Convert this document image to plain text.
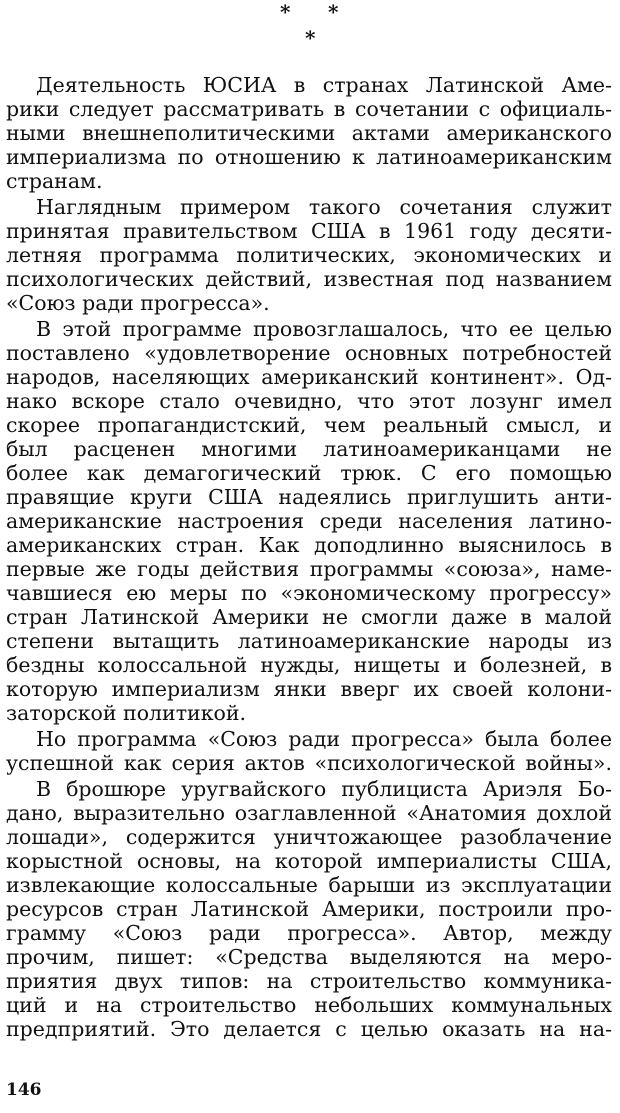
* *
*
Деятельность ЮСИА в странах Латинской Аме-
рики следует рассматривать в сочетании с официаль-
ными внешнеполитическими актами американского
империализма по отношению к латиноамериканским
странам.
Наглядным примером такого сочетания служит
принятая правительством США в 1961 году десяти-
летняя программа политических, экономических и
психологических действий, известная под названием
«Союз ради прогресса».
В этой программе провозглашалось, что ее целью
поставлено «удовлетворение основных потребностей
народов, населяющих американский континент». Од-
нако вскоре стало очевидно, что этот лозунг имел
скорее пропагандистский, чем реальный смысл, и
был расценен многими латиноамериканцами не
более как демагогический трюк. С его помощью
правящие круги США надеялись приглушить анти-
американские настроения среди населения латино-
американских стран. Как доподлинно выяснилось в
первые же годы действия программы «союза», наме-
чавшиеся ею меры по «экономическому прогрессу»
стран Латинской Америки не смогли даже в малой
степени вытащить латиноамериканские народы из
бездны колоссальной нужды, нищеты и болезней, в
которую империализм янки вверг их своей колони-
заторской политикой.
Но программа «Союз ради прогресса» была более
успешной как серия актов «психологической войны».
В брошюре уругвайского публициста Ариэля Бо-
дано, выразительно озаглавленной «Анатомия дохлой
лошади», содержится уничтожающее разоблачение
корыстной основы, на которой империалисты США,
извлекающие колоссальные барыши из эксплуатации
ресурсов стран Латинской Америки, построили про-
грамму «Союз ради прогресса». Автор, между
прочим, пишет: «Средства выделяются на меро-
приятия двух типов: на строительство коммуника-
ций и на строительство небольших коммунальных
предприятий. Это делается с целью оказать на на-
146
